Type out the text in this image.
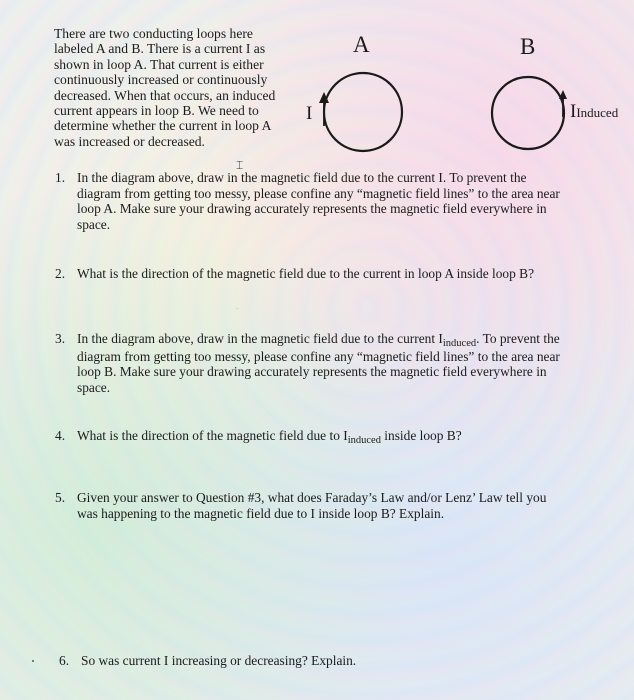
There are two conducting loops here labeled A and B. There is a current I as shown in loop A. That current is either continuously increased or continuously decreased. When that occurs, an induced current appears in loop B. We need to determine whether the current in loop A was increased or decreased.
A	B
I	IInduced
⌶
1. In the diagram above, draw in the magnetic field due to the current I. To prevent the diagram from getting too messy, please confine any “magnetic field lines” to the area near loop A. Make sure your drawing accurately represents the magnetic field everywhere in space.
2. What is the direction of the magnetic field due to the current in loop A inside loop B?
·
3. In the diagram above, draw in the magnetic field due to the current $I_{induced}$. To prevent the diagram from getting too messy, please confine any “magnetic field lines” to the area near loop B. Make sure your drawing accurately represents the magnetic field everywhere in space.
4. What is the direction of the magnetic field due to $I_{induced}$ inside loop B?
5. Given your answer to Question #3, what does Faraday’s Law and/or Lenz’ Law tell you was happening to the magnetic field due to I inside loop B? Explain.
6. So was current I increasing or decreasing? Explain.
